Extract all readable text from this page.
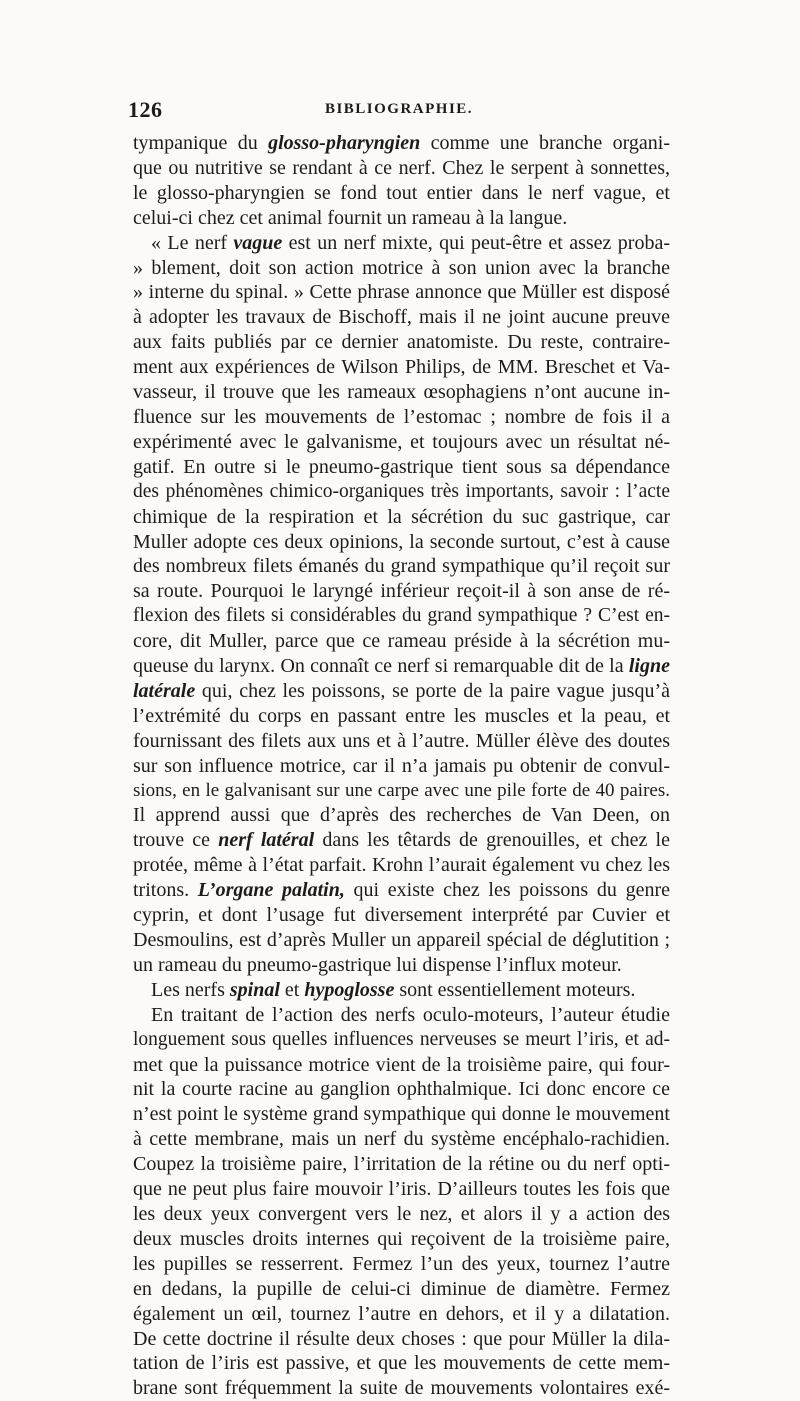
126	BIBLIOGRAPHIE.
tympanique du glosso-pharyngien comme une branche organi-
que ou nutritive se rendant à ce nerf. Chez le serpent à sonnettes,
le glosso-pharyngien se fond tout entier dans le nerf vague, et
celui-ci chez cet animal fournit un rameau à la langue.
« Le nerf vague est un nerf mixte, qui peut-être et assez proba-
» blement, doit son action motrice à son union avec la branche
» interne du spinal. » Cette phrase annonce que Müller est disposé
à adopter les travaux de Bischoff, mais il ne joint aucune preuve
aux faits publiés par ce dernier anatomiste. Du reste, contraire-
ment aux expériences de Wilson Philips, de MM. Breschet et Va-
vasseur, il trouve que les rameaux œsophagiens n’ont aucune in-
fluence sur les mouvements de l’estomac ; nombre de fois il a
expérimenté avec le galvanisme, et toujours avec un résultat né-
gatif. En outre si le pneumo-gastrique tient sous sa dépendance
des phénomènes chimico-organiques très importants, savoir : l’acte
chimique de la respiration et la sécrétion du suc gastrique, car
Muller adopte ces deux opinions, la seconde surtout, c’est à cause
des nombreux filets émanés du grand sympathique qu’il reçoit sur
sa route. Pourquoi le laryngé inférieur reçoit-il à son anse de ré-
flexion des filets si considérables du grand sympathique ? C’est en-
core, dit Muller, parce que ce rameau préside à la sécrétion mu-
queuse du larynx. On connaît ce nerf si remarquable dit de la ligne
latérale qui, chez les poissons, se porte de la paire vague jusqu’à
l’extrémité du corps en passant entre les muscles et la peau, et
fournissant des filets aux uns et à l’autre. Müller élève des doutes
sur son influence motrice, car il n’a jamais pu obtenir de convul-
sions, en le galvanisant sur une carpe avec une pile forte de 40 paires.
Il apprend aussi que d’après des recherches de Van Deen, on
trouve ce nerf latéral dans les têtards de grenouilles, et chez le
protée, même à l’état parfait. Krohn l’aurait également vu chez les
tritons. L’organe palatin, qui existe chez les poissons du genre
cyprin, et dont l’usage fut diversement interprété par Cuvier et
Desmoulins, est d’après Muller un appareil spécial de déglutition ;
un rameau du pneumo-gastrique lui dispense l’influx moteur.
Les nerfs spinal et hypoglosse sont essentiellement moteurs.
En traitant de l’action des nerfs oculo-moteurs, l’auteur étudie
longuement sous quelles influences nerveuses se meurt l’iris, et ad-
met que la puissance motrice vient de la troisième paire, qui four-
nit la courte racine au ganglion ophthalmique. Ici donc encore ce
n’est point le système grand sympathique qui donne le mouvement
à cette membrane, mais un nerf du système encéphalo-rachidien.
Coupez la troisième paire, l’irritation de la rétine ou du nerf opti-
que ne peut plus faire mouvoir l’iris. D’ailleurs toutes les fois que
les deux yeux convergent vers le nez, et alors il y a action des
deux muscles droits internes qui reçoivent de la troisième paire,
les pupilles se resserrent. Fermez l’un des yeux, tournez l’autre
en dedans, la pupille de celui-ci diminue de diamètre. Fermez
également un œil, tournez l’autre en dehors, et il y a dilatation.
De cette doctrine il résulte deux choses : que pour Müller la dila-
tation de l’iris est passive, et que les mouvements de cette mem-
brane sont fréquemment la suite de mouvements volontaires exé-
